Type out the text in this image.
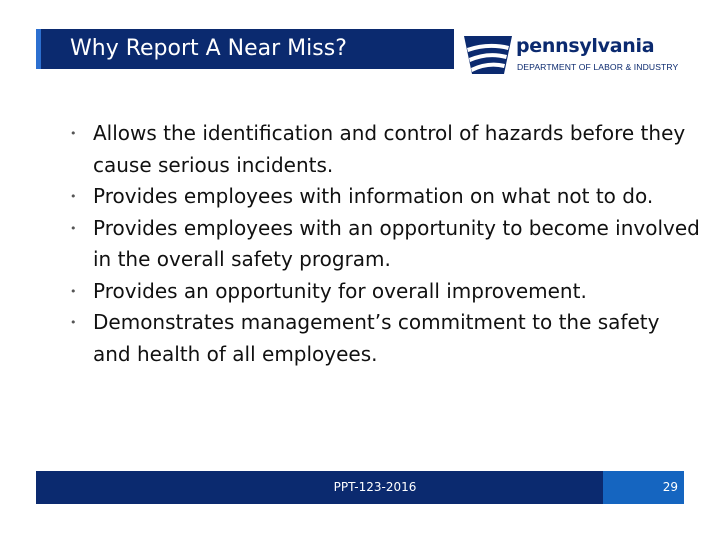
Why Report A Near Miss?	pennsylvania
DEPARTMENT OF LABOR & INDUSTRY
• Allows the identification and control of hazards before they cause serious incidents.
• Provides employees with information on what not to do.
• Provides employees with an opportunity to become involved in the overall safety program.
• Provides an opportunity for overall improvement.
• Demonstrates management’s commitment to the safety and health of all employees.
PPT-123-2016	29
